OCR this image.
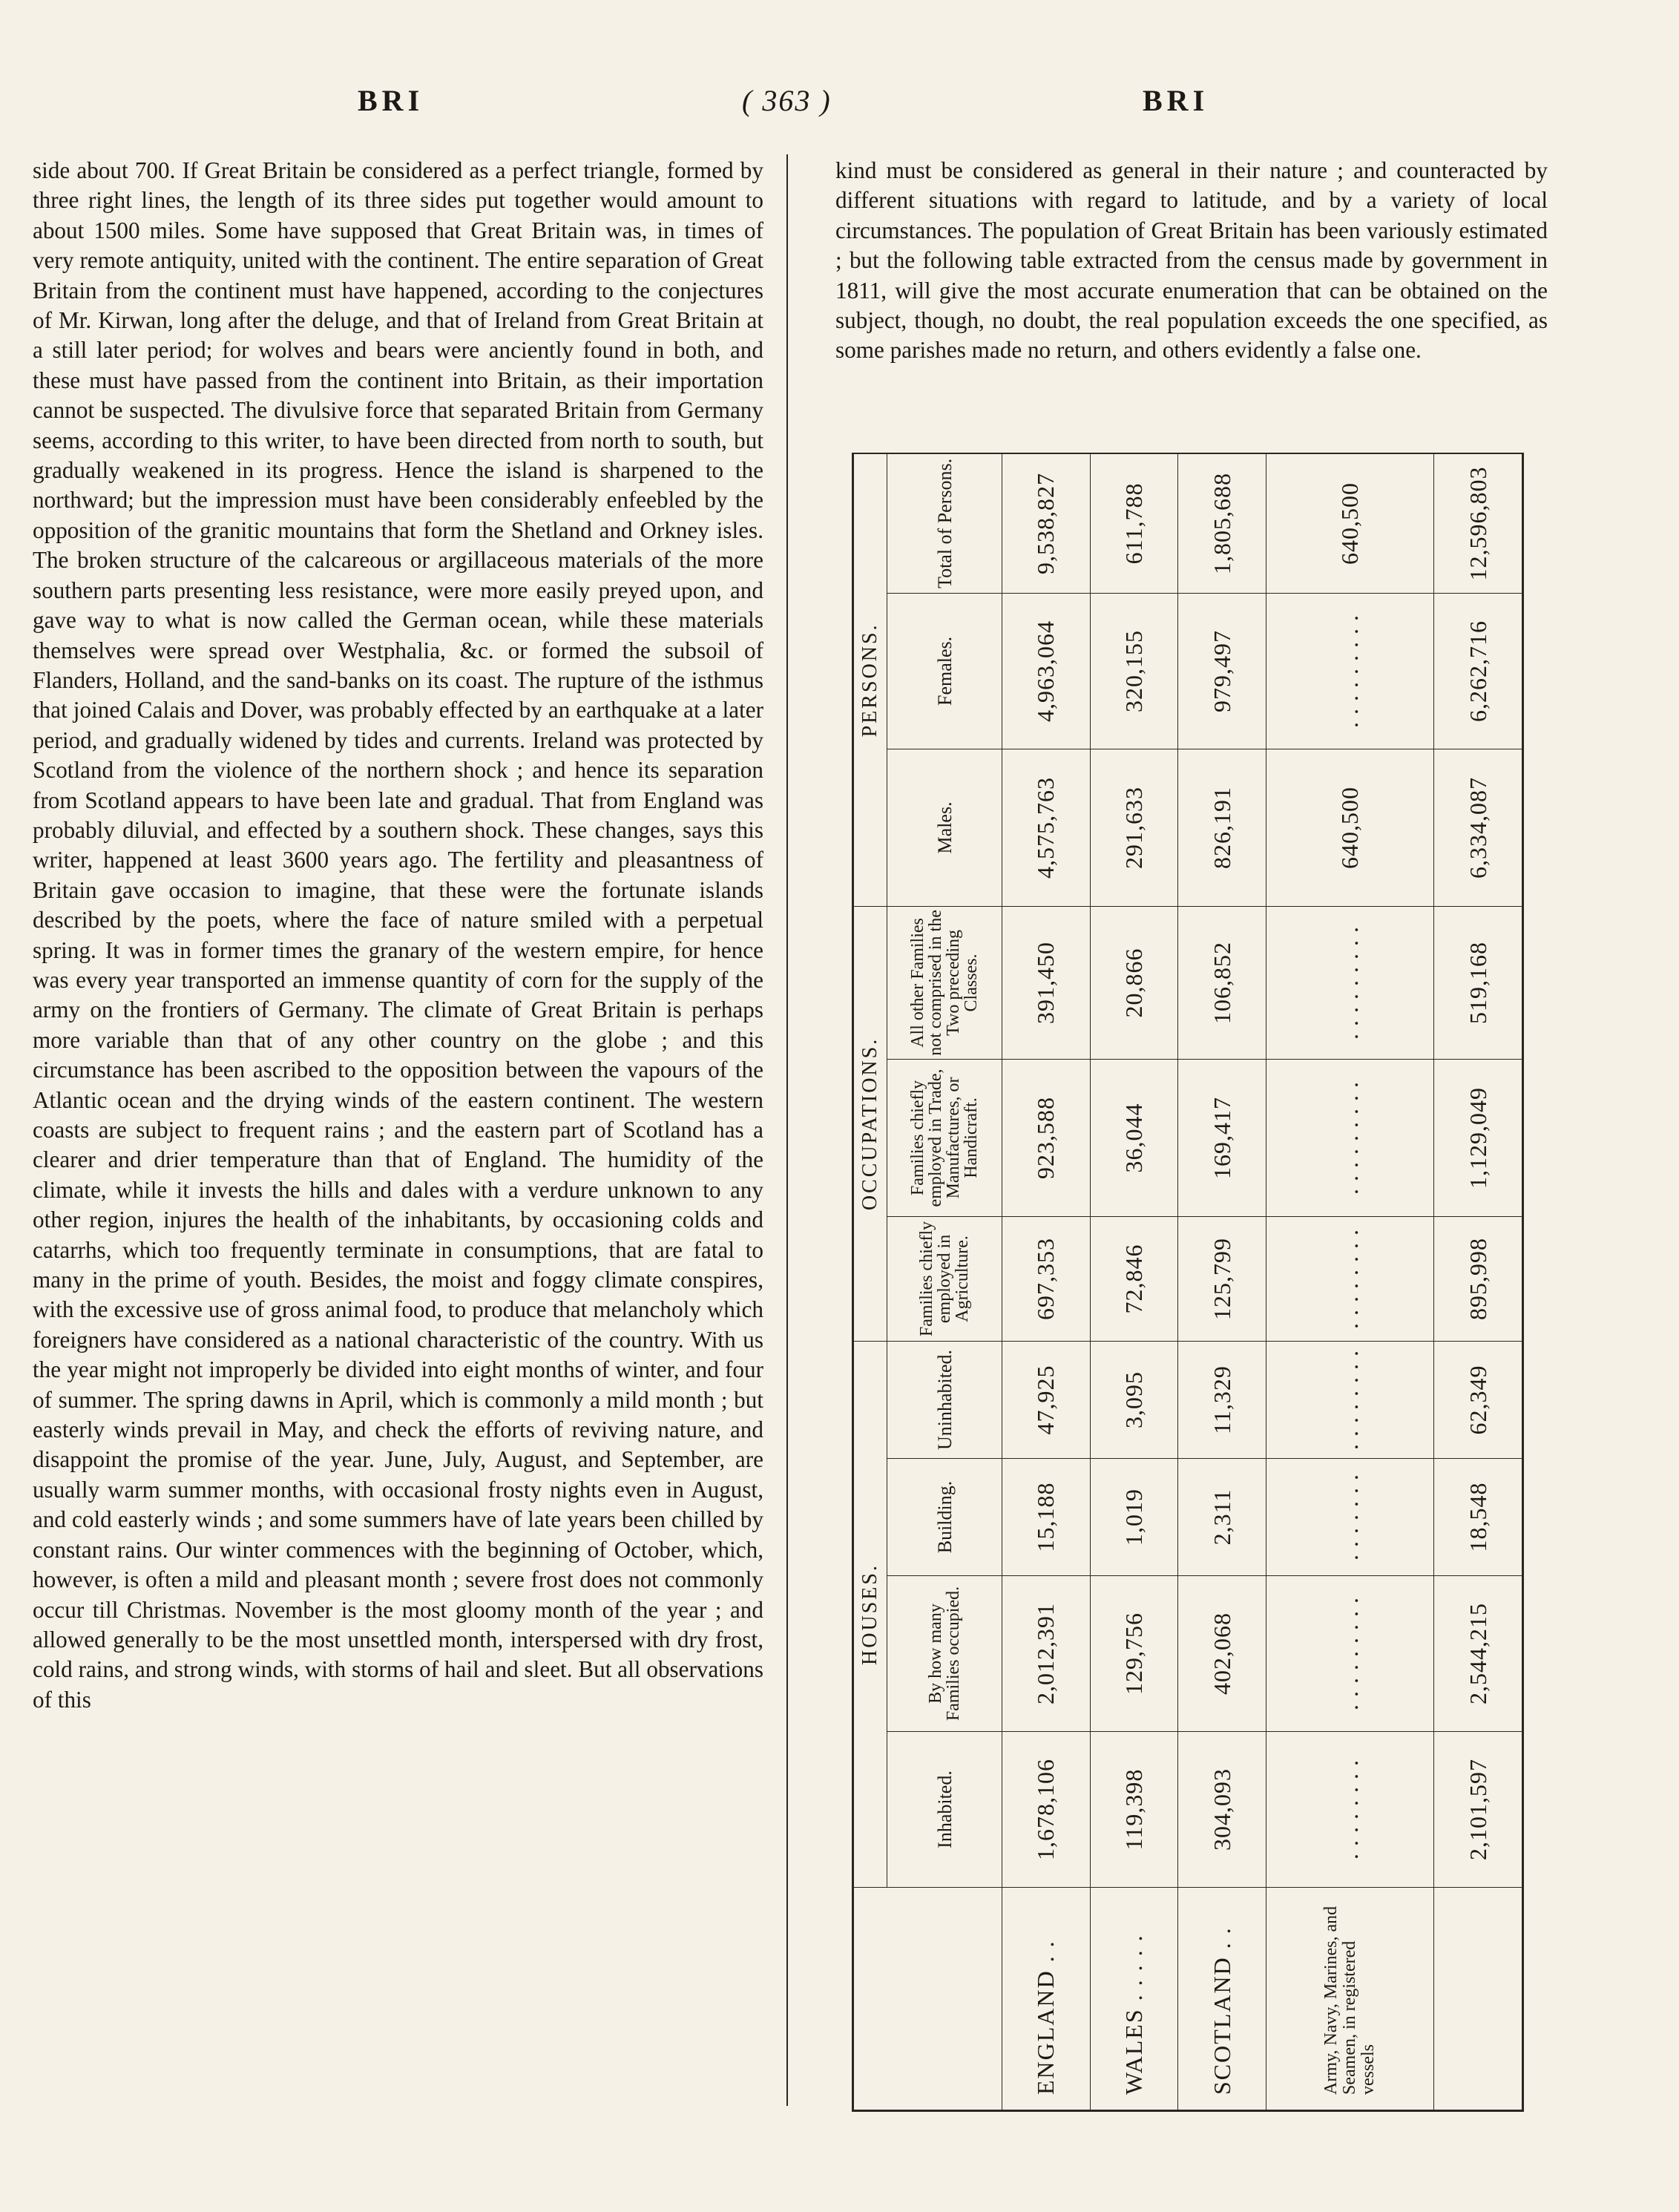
BRI	( 363 )	BRI

side about 700. If Great Britain be considered as a perfect triangle, formed by three right lines, the length of its three sides put together would amount to about 1500 miles. Some have supposed that Great Britain was, in times of very remote antiquity, united with the continent. The entire separation of Great Britain from the continent must have happened, according to the conjectures of Mr. Kirwan, long after the deluge, and that of Ireland from Great Britain at a still later period; for wolves and bears were anciently found in both, and these must have passed from the continent into Britain, as their importation cannot be suspected. The divulsive force that separated Britain from Germany seems, according to this writer, to have been directed from north to south, but gradually weakened in its progress. Hence the island is sharpened to the northward; but the impression must have been considerably enfeebled by the opposition of the granitic mountains that form the Shetland and Orkney isles. The broken structure of the calcareous or argillaceous materials of the more southern parts presenting less resistance, were more easily preyed upon, and gave way to what is now called the German ocean, while these materials themselves were spread over Westphalia, &c. or formed the subsoil of Flanders, Holland, and the sand-banks on its coast. The rupture of the isthmus that joined Calais and Dover, was probably effected by an earthquake at a later period, and gradually widened by tides and currents. Ireland was protected by Scotland from the violence of the northern shock ; and hence its separation from Scotland appears to have been late and gradual. That from England was probably diluvial, and effected by a southern shock. These changes, says this writer, happened at least 3600 years ago. The fertility and pleasantness of Britain gave occasion to imagine, that these were the fortunate islands described by the poets, where the face of nature smiled with a perpetual spring. It was in former times the granary of the western empire, for hence was every year transported an immense quantity of corn for the supply of the army on the frontiers of Germany. The climate of Great Britain is perhaps more variable than that of any other country on the globe ; and this circumstance has been ascribed to the opposition between the vapours of the Atlantic ocean and the drying winds of the eastern continent. The western coasts are subject to frequent rains ; and the eastern part of Scotland has a clearer and drier temperature than that of England. The humidity of the climate, while it invests the hills and dales with a verdure unknown to any other region, injures the health of the inhabitants, by occasioning colds and catarrhs, which too frequently terminate in consumptions, that are fatal to many in the prime of youth. Besides, the moist and foggy climate conspires, with the excessive use of gross animal food, to produce that melancholy which foreigners have considered as a national characteristic of the country. With us the year might not improperly be divided into eight months of winter, and four of summer. The spring dawns in April, which is commonly a mild month ; but easterly winds prevail in May, and check the efforts of reviving nature, and disappoint the promise of the year. June, July, August, and September, are usually warm summer months, with occasional frosty nights even in August, and cold easterly winds ; and some summers have of late years been chilled by constant rains. Our winter commences with the beginning of October, which, however, is often a mild and pleasant month ; severe frost does not commonly occur till Christmas. November is the most gloomy month of the year ; and allowed generally to be the most unsettled month, interspersed with dry frost, cold rains, and strong winds, with storms of hail and sleet. But all observations of this

kind must be considered as general in their nature ; and counteracted by different situations with regard to latitude, and by a variety of local circumstances. The population of Great Britain has been variously estimated ; but the following table extracted from the census made by government in 1811, will give the most accurate enumeration that can be obtained on the subject, though, no doubt, the real population exceeds the one specified, as some parishes made no return, and others evidently a false one.

	HOUSES.				OCCUPATIONS.			PERSONS.		
	Inhabited.	By how many Families occupied.	Building.	Uninhabited.	Families chiefly employed in Agriculture.	Families chiefly employed in Trade, Manufactures, or Handicraft.	All other Families not comprised in the Two preceding Classes.	Males.	Females.	Total of Persons.
ENGLAND . .	1,678,106	2,012,391	15,188	47,925	697,353	923,588	391,450	4,575,763	4,963,064	9,538,827
WALES . . . . .	119,398	129,756	1,019	3,095	72,846	36,044	20,866	291,633	320,155	611,788
SCOTLAND . .	304,093	402,068	2,311	11,329	125,799	169,417	106,852	826,191	979,497	1,805,688
Army, Navy, Marines, and Seamen, in registered vessels	. . . . . . . .	. . . . . . . . .	. . . . . . .	. . . . . . . .	. . . . . . . .	. . . . . . . . .	. . . . . . . . .	640,500	. . . . . . . . .	640,500
	2,101,597	2,544,215	18,548	62,349	895,998	1,129,049	519,168	6,334,087	6,262,716	12,596,803
